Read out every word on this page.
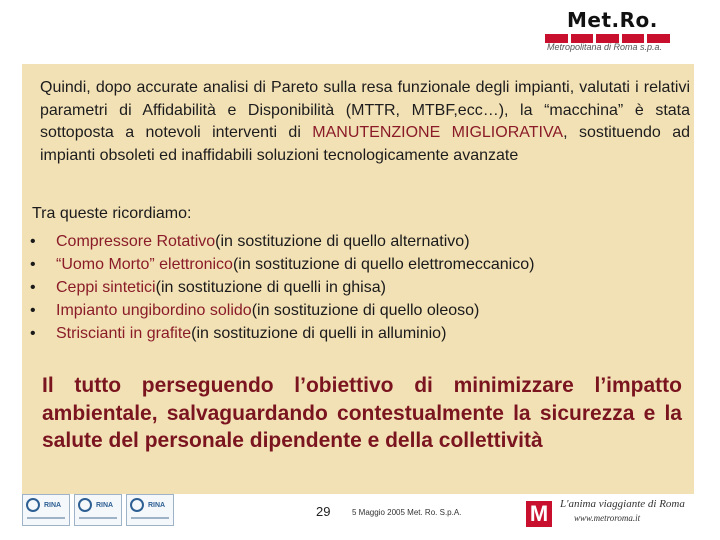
Met.Ro.
Metropolitana di Roma s.p.a.
Quindi, dopo accurate analisi di Pareto sulla resa funzionale degli impianti, valutati i relativi parametri di Affidabilità e Disponibilità (MTTR, MTBF,ecc…), la “macchina” è stata sottoposta a notevoli interventi di MANUTENZIONE MIGLIORATIVA, sostituendo ad impianti obsoleti ed inaffidabili soluzioni tecnologicamente avanzate
Tra queste ricordiamo:
•	Compressore Rotativo (in sostituzione di quello alternativo)
•	“Uomo Morto” elettronico (in sostituzione di quello elettromeccanico)
•	Ceppi sintetici (in sostituzione di quelli in ghisa)
•	Impianto ungibordino solido (in sostituzione di quello oleoso)
•	Striscianti in grafite (in sostituzione di quelli in alluminio)
Il tutto perseguendo l’obiettivo di minimizzare l’impatto ambientale, salvaguardando contestualmente la sicurezza e la salute del personale dipendente e della collettività
RINA	RINA	RINA	29	5 Maggio 2005 Met. Ro. S.p.A.	M	L'anima viaggiante di Roma
www.metroroma.it
